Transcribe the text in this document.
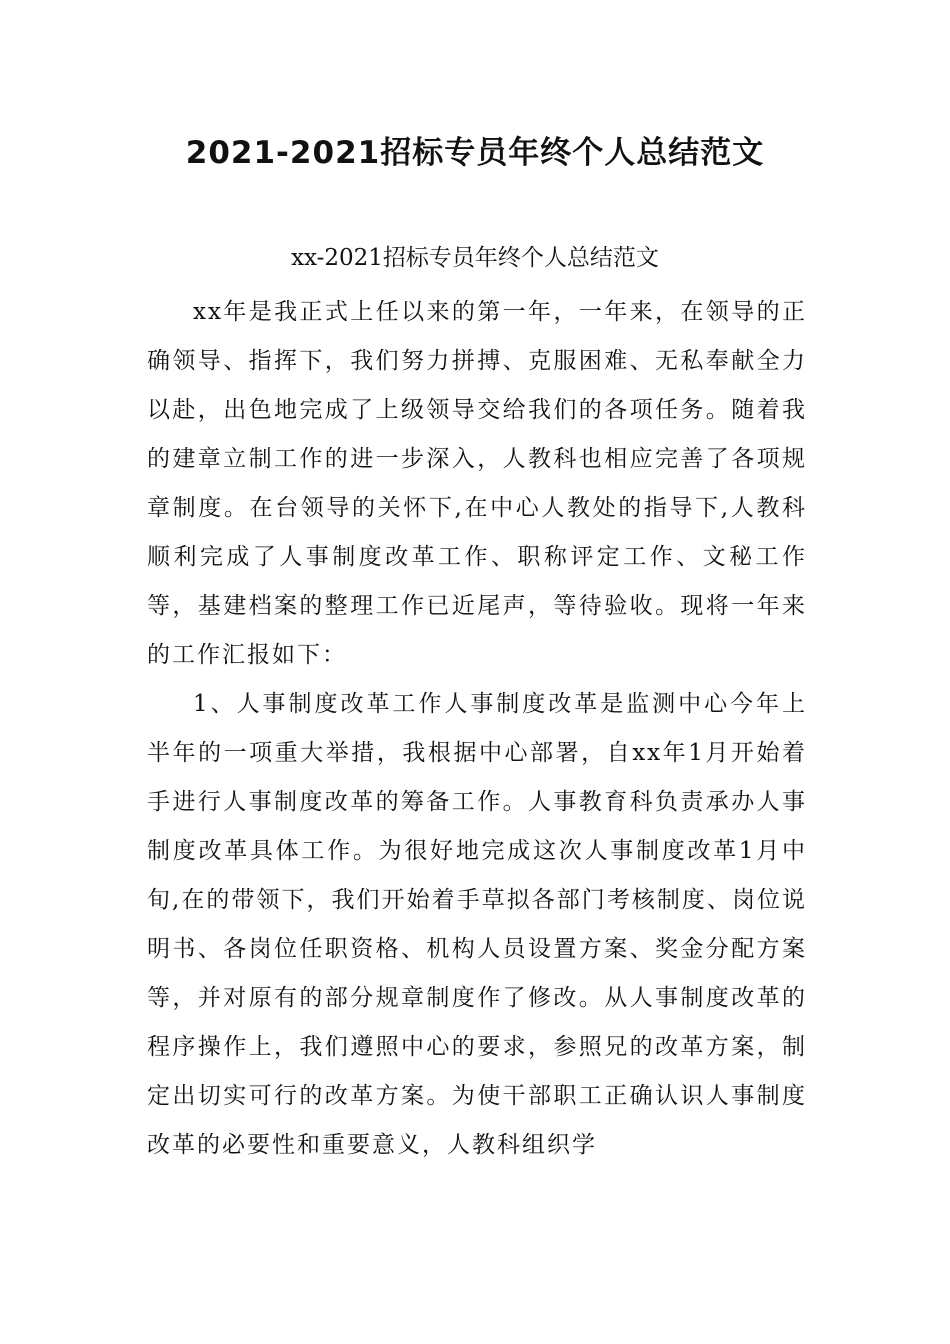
2021-2021招标专员年终个人总结范文

xx-2021招标专员年终个人总结范文

xx年是我正式上任以来的第一年，一年来，在领导的正确领导、指挥下，我们努力拼搏、克服困难、无私奉献全力以赴，出色地完成了上级领导交给我们的各项任务。随着我的建章立制工作的进一步深入，人教科也相应完善了各项规章制度。在台领导的关怀下,在中心人教处的指导下,人教科顺利完成了人事制度改革工作、职称评定工作、文秘工作等，基建档案的整理工作已近尾声，等待验收。现将一年来的工作汇报如下：

1、人事制度改革工作人事制度改革是监测中心今年上半年的一项重大举措，我根据中心部署，自xx年1月开始着手进行人事制度改革的筹备工作。人事教育科负责承办人事制度改革具体工作。为很好地完成这次人事制度改革1月中旬,在的带领下，我们开始着手草拟各部门考核制度、岗位说明书、各岗位任职资格、机构人员设置方案、奖金分配方案等，并对原有的部分规章制度作了修改。从人事制度改革的程序操作上，我们遵照中心的要求，参照兄的改革方案，制定出切实可行的改革方案。为使干部职工正确认识人事制度改革的必要性和重要意义，人教科组织学
